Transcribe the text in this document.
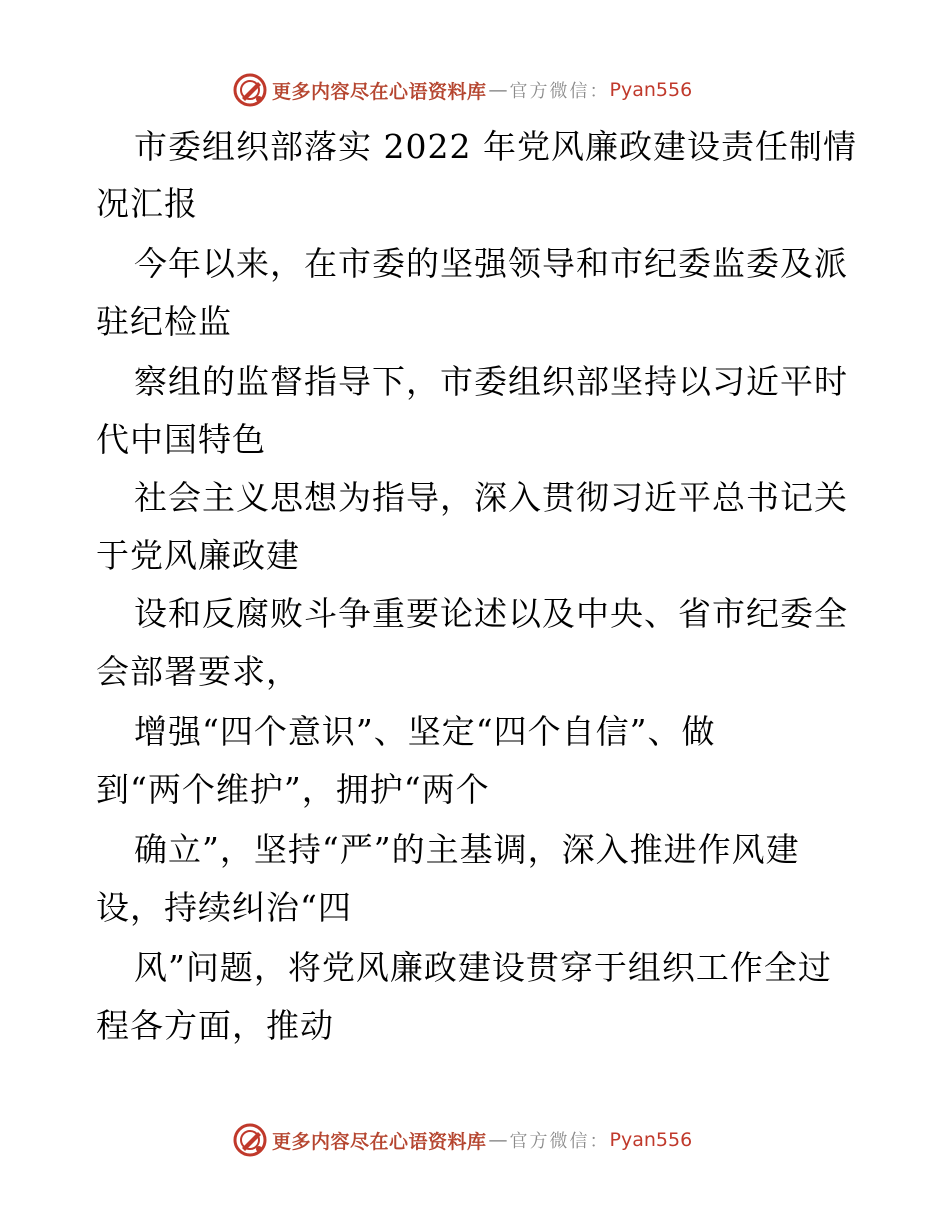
更多内容尽在心语资料库 — 官方微信： Pyan556
市委组织部落实 2022 年党风廉政建设责任制情
况汇报
今年以来，在市委的坚强领导和市纪委监委及派
驻纪检监
察组的监督指导下，市委组织部坚持以习近平时
代中国特色
社会主义思想为指导，深入贯彻习近平总书记关
于党风廉政建
设和反腐败斗争重要论述以及中央、省市纪委全
会部署要求，
增强“四个意识”、坚定“四个自信”、做
到“两个维护”，拥护“两个
确立”，坚持“严”的主基调，深入推进作风建
设，持续纠治“四
风”问题，将党风廉政建设贯穿于组织工作全过
程各方面，推动
更多内容尽在心语资料库 — 官方微信： Pyan556
